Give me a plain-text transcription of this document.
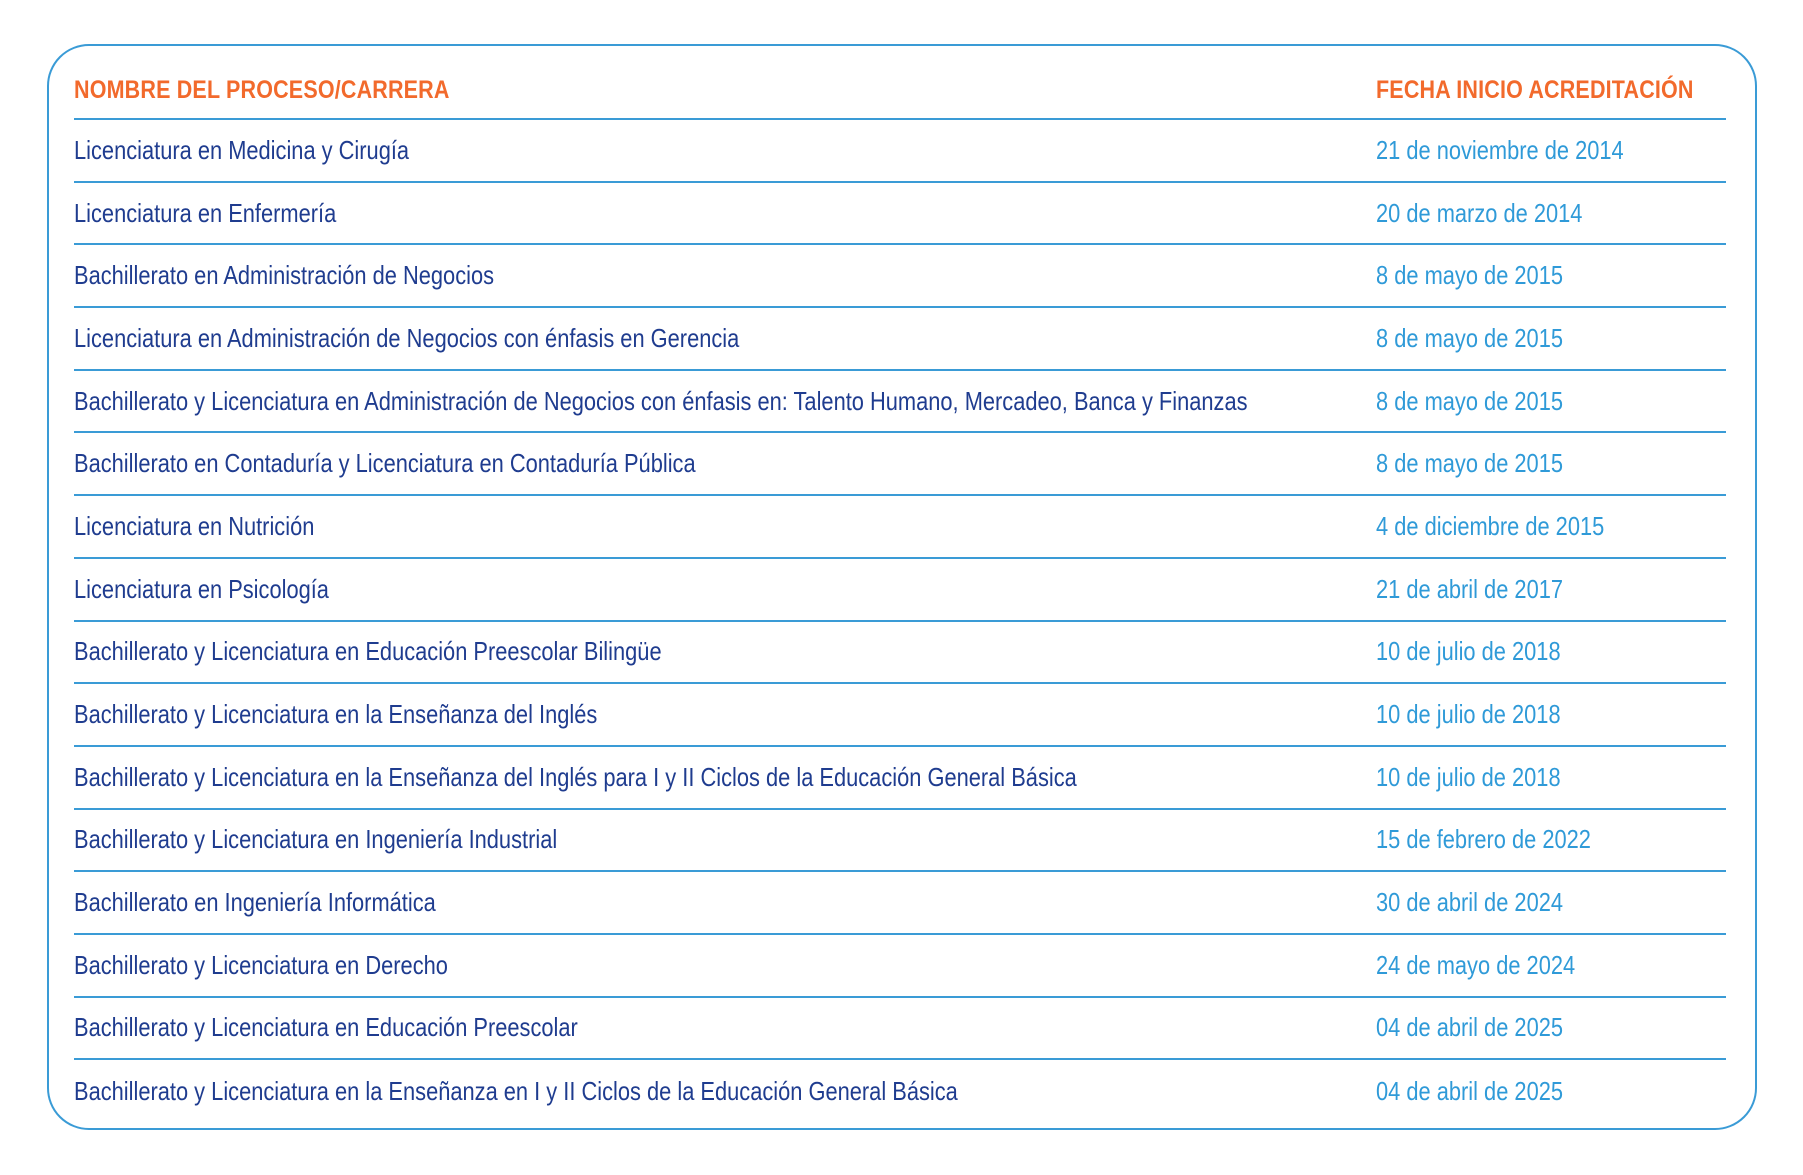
NOMBRE DEL PROCESO/CARRERA	FECHA INICIO ACREDITACIÓN
Licenciatura en Medicina y Cirugía	21 de noviembre de 2014
Licenciatura en Enfermería	20 de marzo de 2014
Bachillerato en Administración de Negocios	8 de mayo de 2015
Licenciatura en Administración de Negocios con énfasis en Gerencia	8 de mayo de 2015
Bachillerato y Licenciatura en Administración de Negocios con énfasis en: Talento Humano, Mercadeo, Banca y Finanzas	8 de mayo de 2015
Bachillerato en Contaduría y Licenciatura en Contaduría Pública	8 de mayo de 2015
Licenciatura en Nutrición	4 de diciembre de 2015
Licenciatura en Psicología	21 de abril de 2017
Bachillerato y Licenciatura en Educación Preescolar Bilingüe	10 de julio de 2018
Bachillerato y Licenciatura en la Enseñanza del Inglés	10 de julio de 2018
Bachillerato y Licenciatura en la Enseñanza del Inglés para I y II Ciclos de la Educación General Básica	10 de julio de 2018
Bachillerato y Licenciatura en Ingeniería Industrial	15 de febrero de 2022
Bachillerato en Ingeniería Informática	30 de abril de 2024
Bachillerato y Licenciatura en Derecho	24 de mayo de 2024
Bachillerato y Licenciatura en Educación Preescolar	04 de abril de 2025
Bachillerato y Licenciatura en la Enseñanza en I y II Ciclos de la Educación General Básica	04 de abril de 2025
